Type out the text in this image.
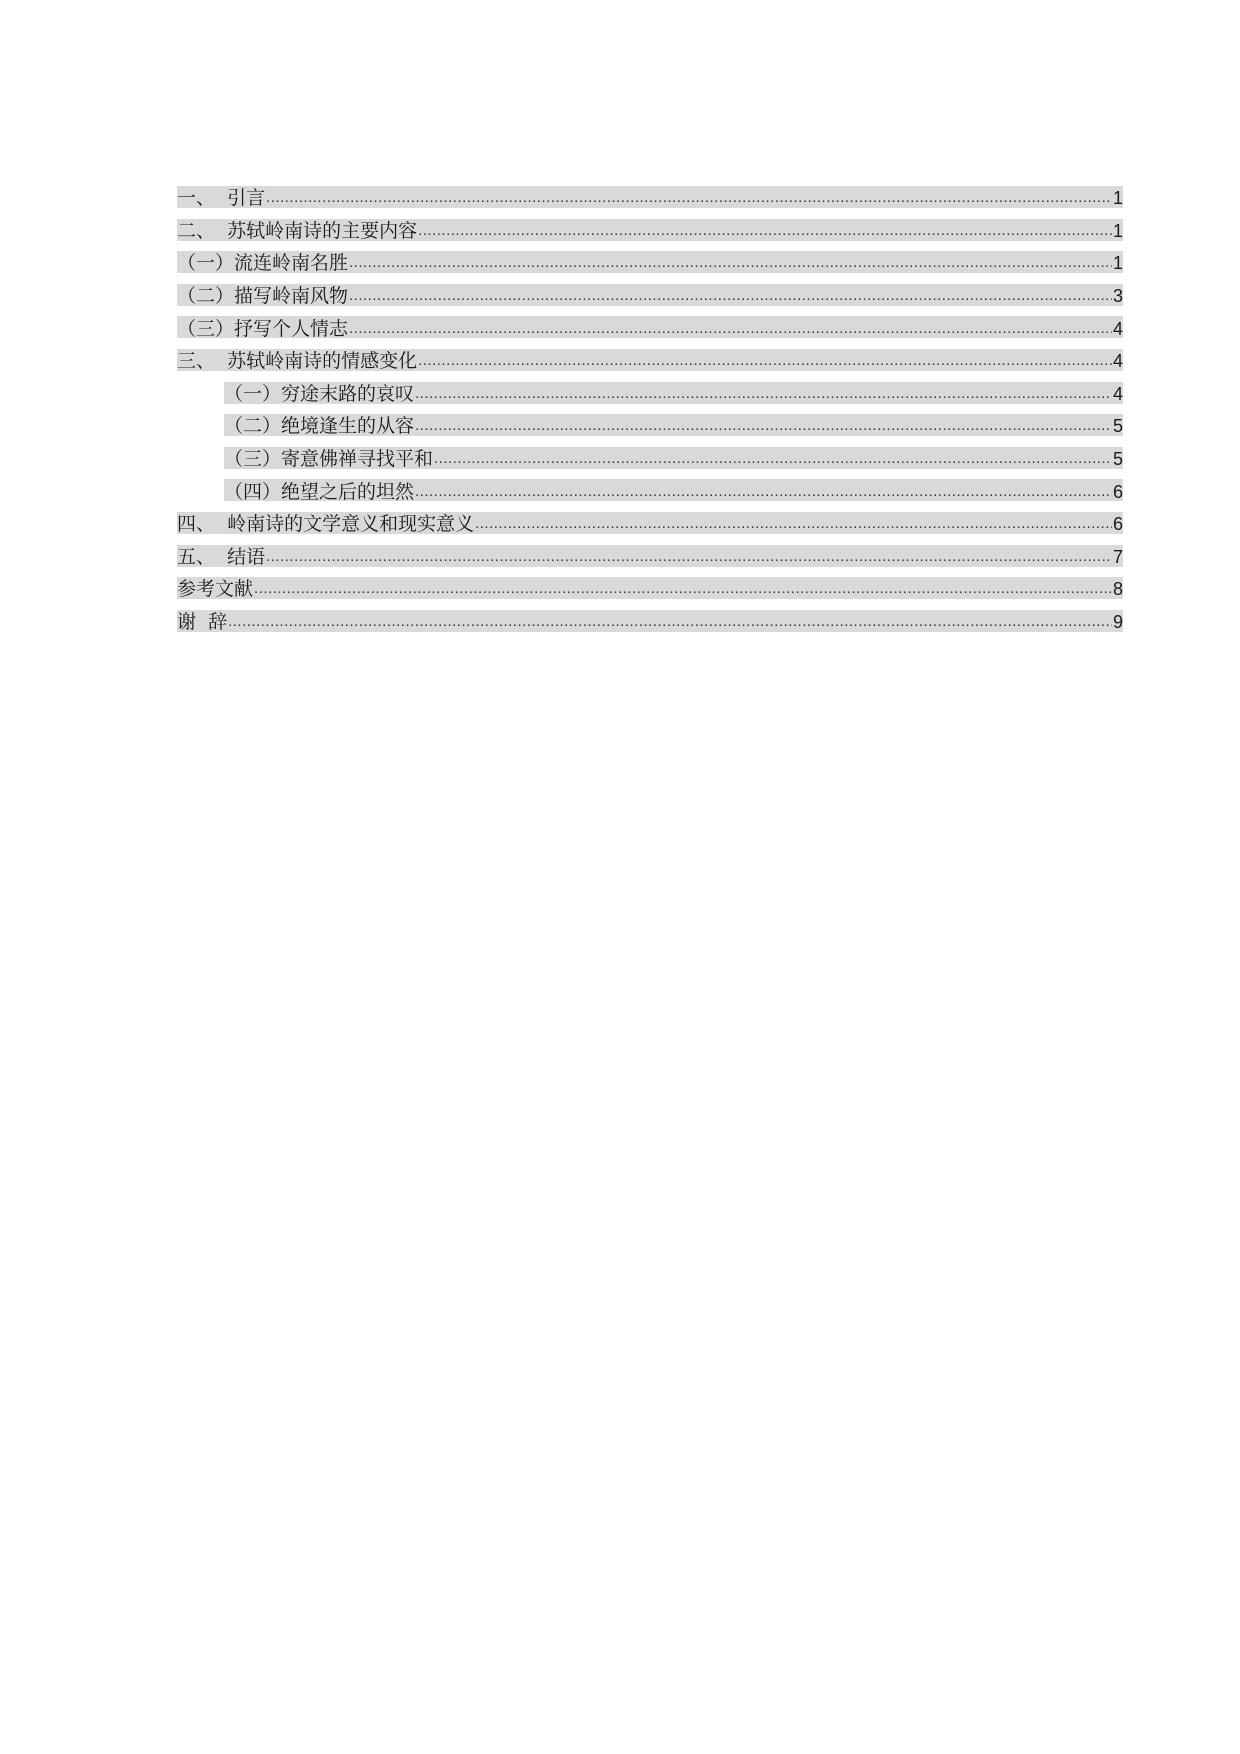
一、  引言 .....	1
二、  苏轼岭南诗的主要内容 .....	1
（一）流连岭南名胜 .....	1
（二）描写岭南风物 .....	3
（三）抒写个人情志 .....	4
三、  苏轼岭南诗的情感变化 .....	4
（一）穷途末路的哀叹 .....	4
（二）绝境逢生的从容 .....	5
（三）寄意佛禅寻找平和 .....	5
（四）绝望之后的坦然 .....	6
四、  岭南诗的文学意义和现实意义 .....	6
五、  结语 .....	7
参考文献 .....	8
谢  辞 .....	9
